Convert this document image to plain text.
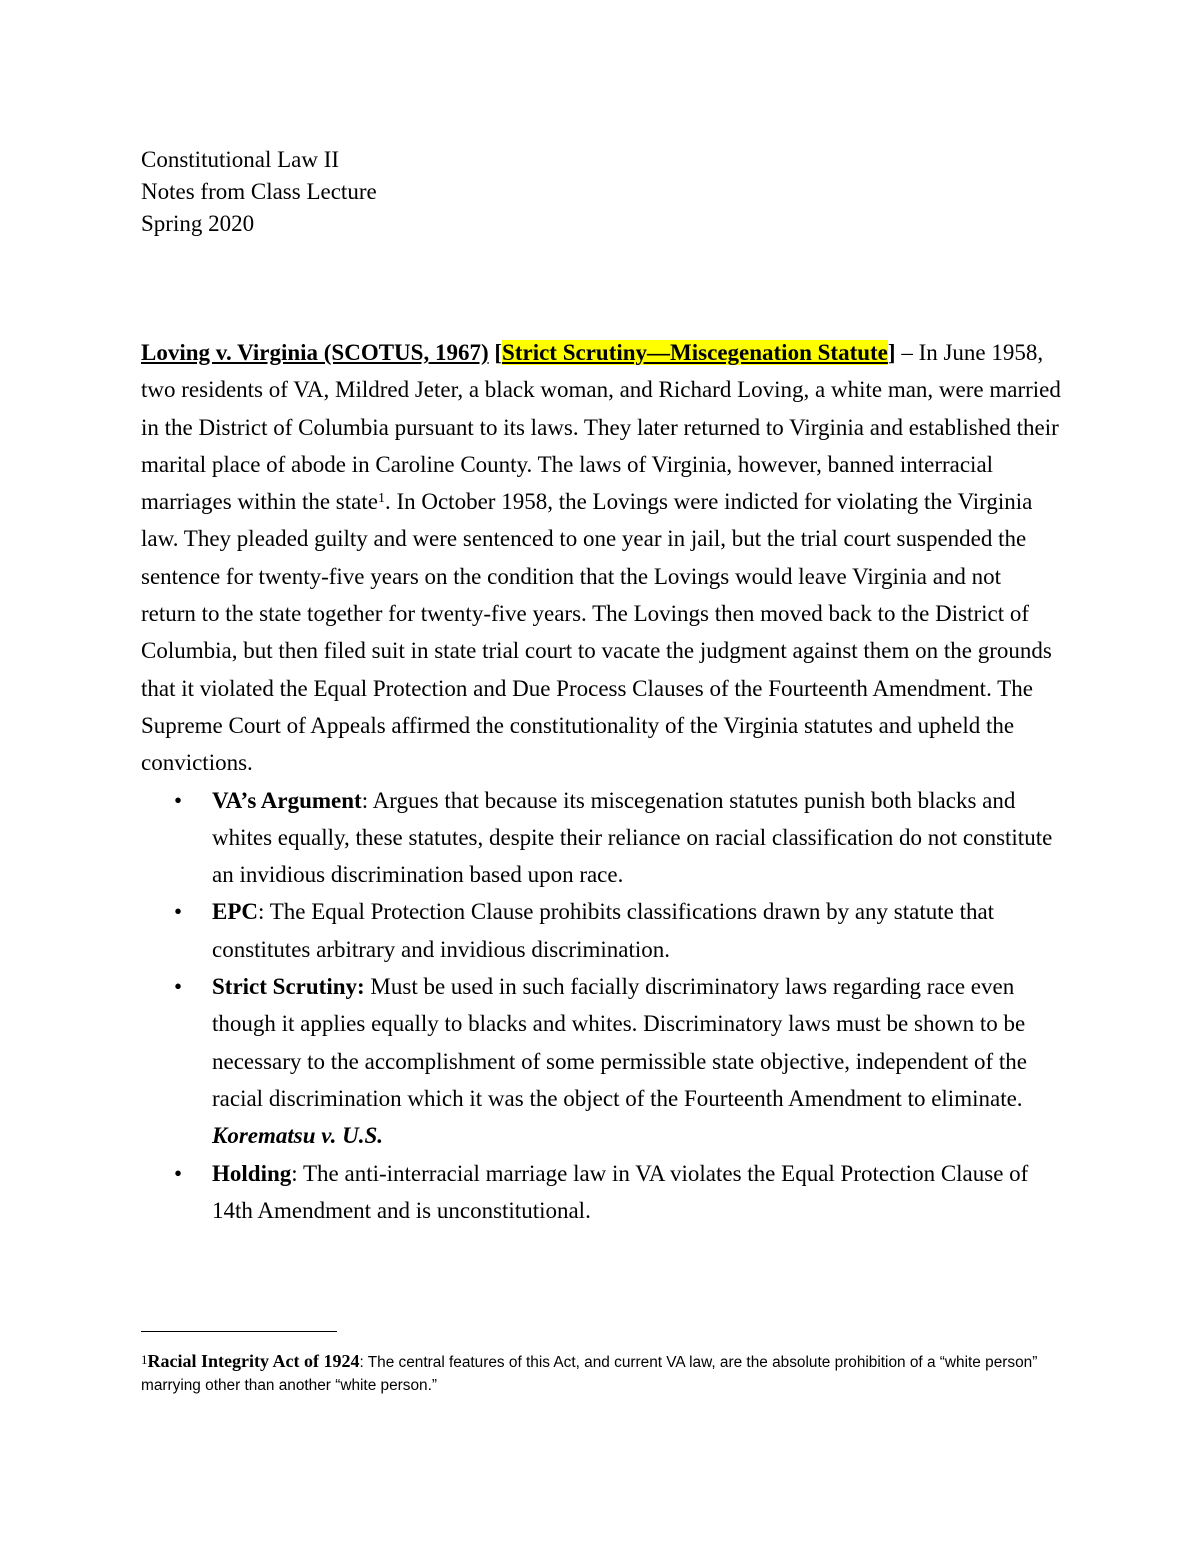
Constitutional Law II
Notes from Class Lecture
Spring 2020

Loving v. Virginia (SCOTUS, 1967) [Strict Scrutiny—Miscegenation Statute] – In June 1958, two residents of VA, Mildred Jeter, a black woman, and Richard Loving, a white man, were married in the District of Columbia pursuant to its laws. They later returned to Virginia and established their marital place of abode in Caroline County. The laws of Virginia, however, banned interracial marriages within the state$^1$. In October 1958, the Lovings were indicted for violating the Virginia law. They pleaded guilty and were sentenced to one year in jail, but the trial court suspended the sentence for twenty-five years on the condition that the Lovings would leave Virginia and not return to the state together for twenty-five years. The Lovings then moved back to the District of Columbia, but then filed suit in state trial court to vacate the judgment against them on the grounds that it violated the Equal Protection and Due Process Clauses of the Fourteenth Amendment. The Supreme Court of Appeals affirmed the constitutionality of the Virginia statutes and upheld the convictions.

• VA’s Argument: Argues that because its miscegenation statutes punish both blacks and whites equally, these statutes, despite their reliance on racial classification do not constitute an invidious discrimination based upon race.
• EPC: The Equal Protection Clause prohibits classifications drawn by any statute that constitutes arbitrary and invidious discrimination.
• Strict Scrutiny: Must be used in such facially discriminatory laws regarding race even though it applies equally to blacks and whites. Discriminatory laws must be shown to be necessary to the accomplishment of some permissible state objective, independent of the racial discrimination which it was the object of the Fourteenth Amendment to eliminate. Korematsu v. U.S.
• Holding: The anti-interracial marriage law in VA violates the Equal Protection Clause of 14th Amendment and is unconstitutional.
1Racial Integrity Act of 1924: The central features of this Act, and current VA law, are the absolute prohibition of a “white person” marrying other than another “white person.”
